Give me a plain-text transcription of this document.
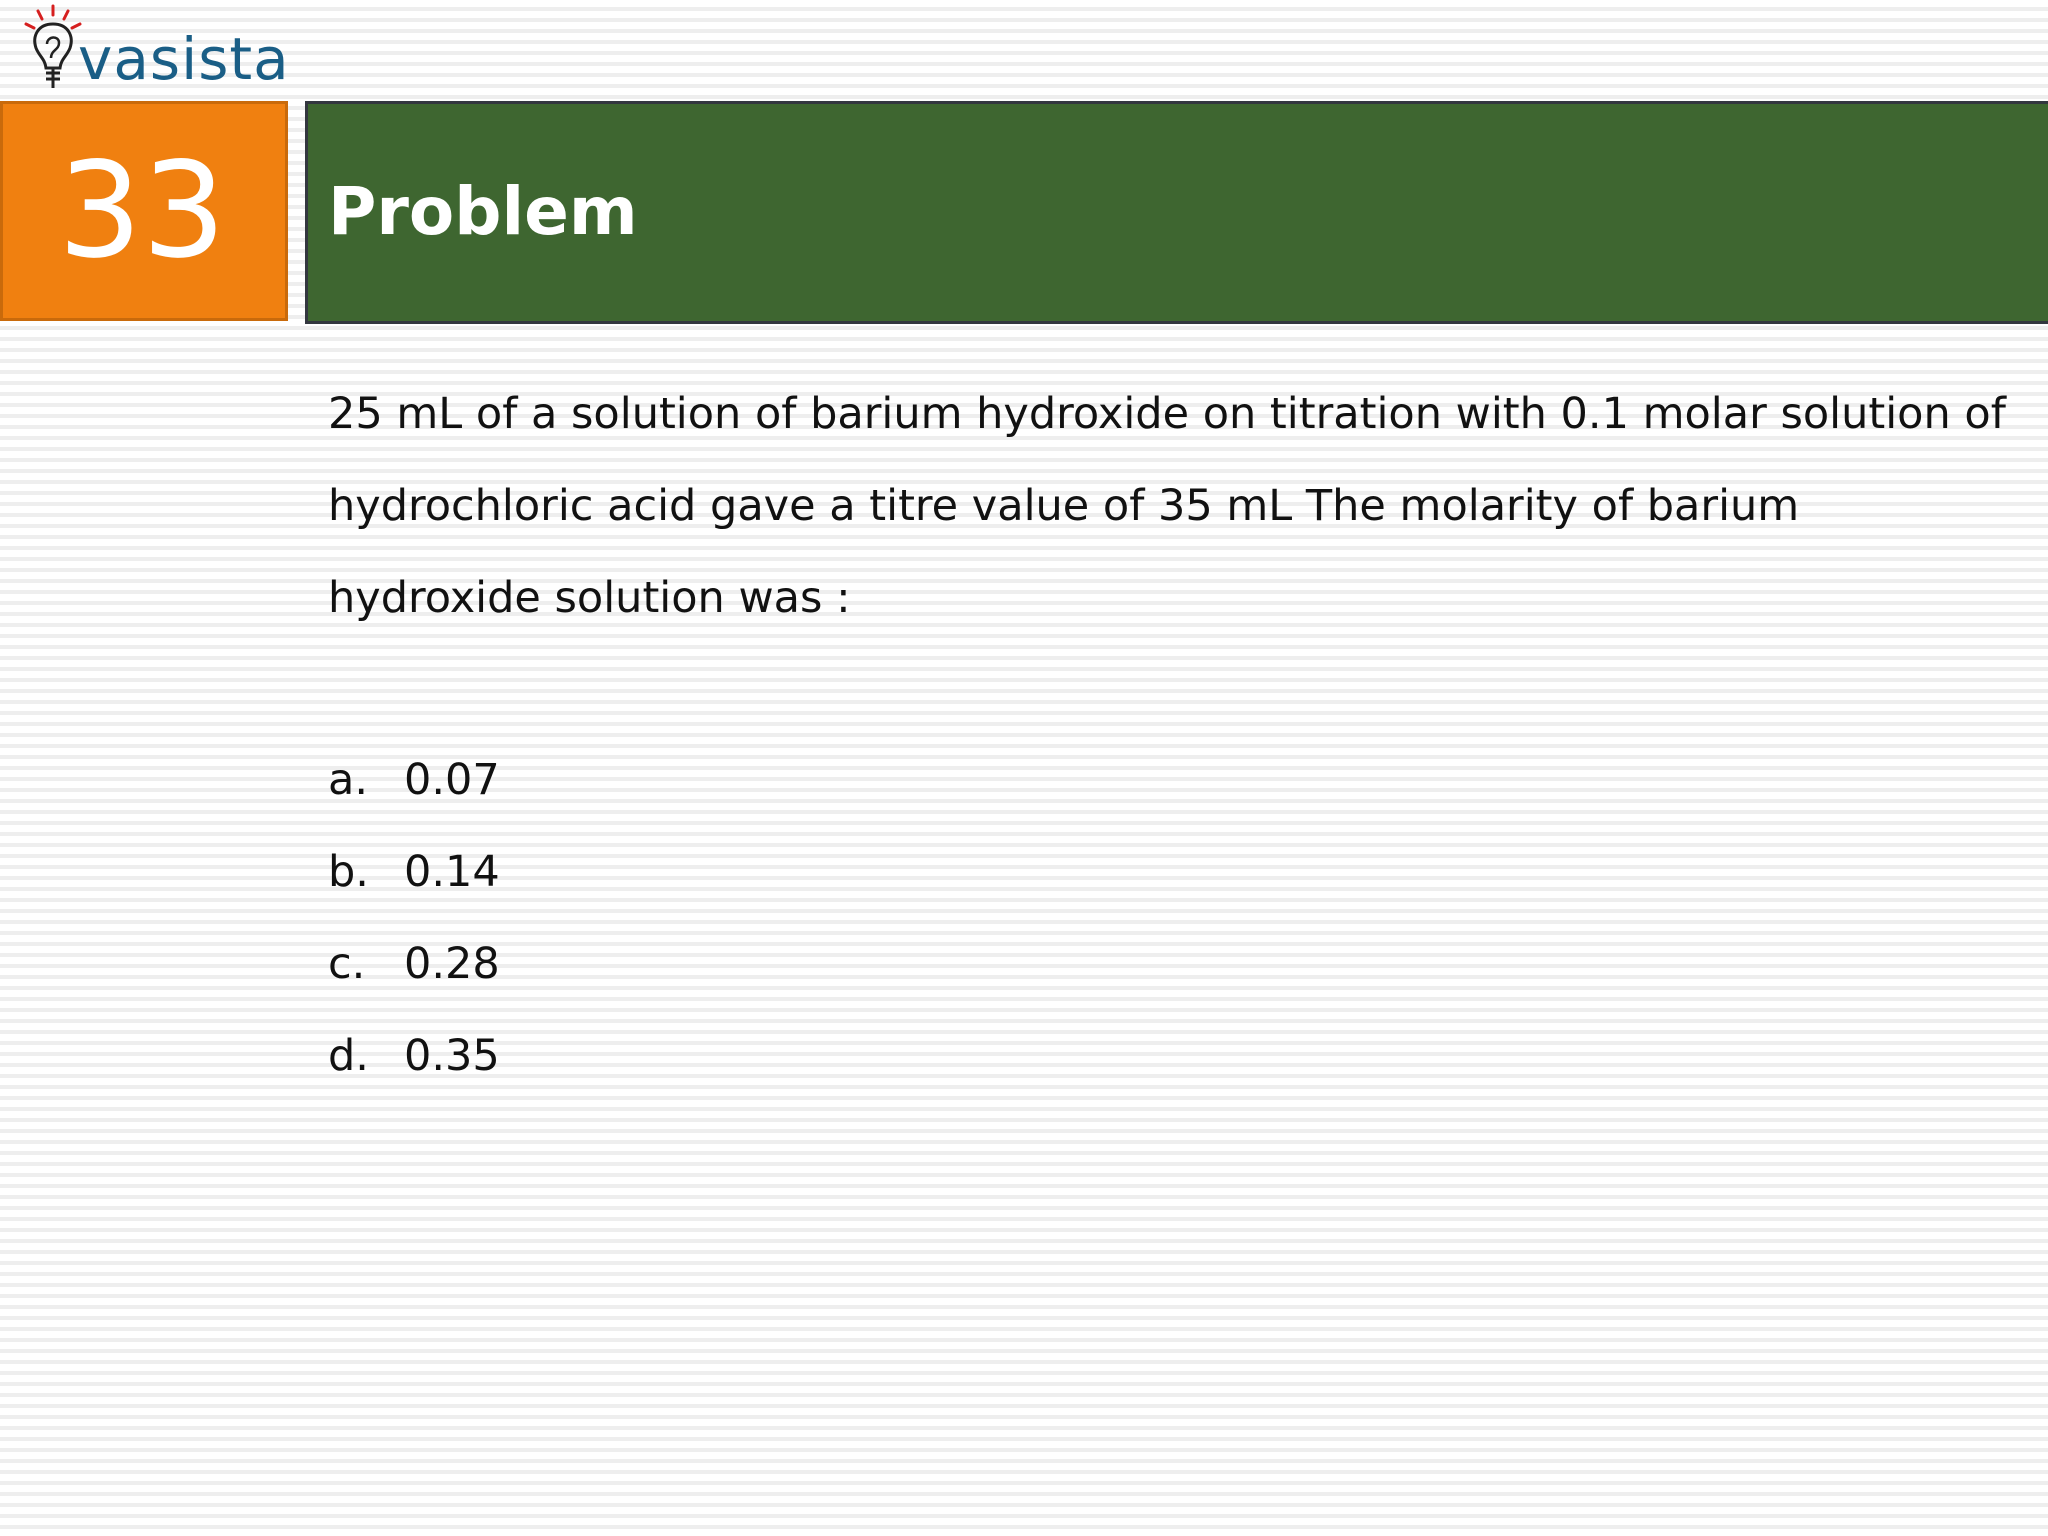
vasista
33 Problem

25 mL of a solution of barium hydroxide on titration with 0.1 molar solution of hydrochloric acid gave a titre value of 35 mL The molarity of barium hydroxide solution was :

a. 0.07
b. 0.14
c. 0.28
d. 0.35
